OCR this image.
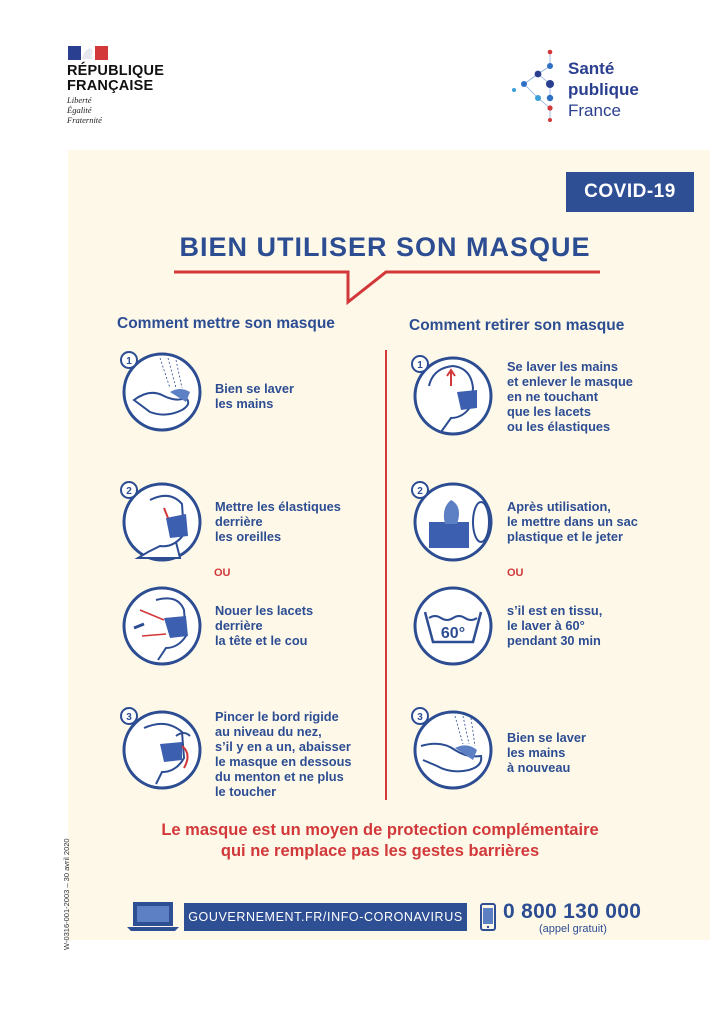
RÉPUBLIQUE
FRANÇAISE
Liberté
Égalité
Fraternité
Santé
publique
France
COVID-19
BIEN UTILISER SON MASQUE
Comment mettre son masque	Comment retirer son masque
1
Bien se laver
les mains
2
Mettre les élastiques
derrière
les oreilles
OU
Nouer les lacets
derrière
la tête et le cou
3	Pincer le bord rigide
au niveau du nez,
s’il y en a un, abaisser
le masque en dessous
du menton et ne plus
le toucher
1	Se laver les mains
et enlever le masque
en ne touchant
que les lacets
ou les élastiques
2
Après utilisation,
le mettre dans un sac
plastique et le jeter
OU
60°
s’il est en tissu,
le laver à 60°
pendant 30 min
3
Bien se laver
les mains
à nouveau
Le masque est un moyen de protection complémentaire
qui ne remplace pas les gestes barrières
GOUVERNEMENT.FR/INFO-CORONAVIRUS 0 800 130 000
(appel gratuit)
W-0316-001-2003 – 30 avril 2020
